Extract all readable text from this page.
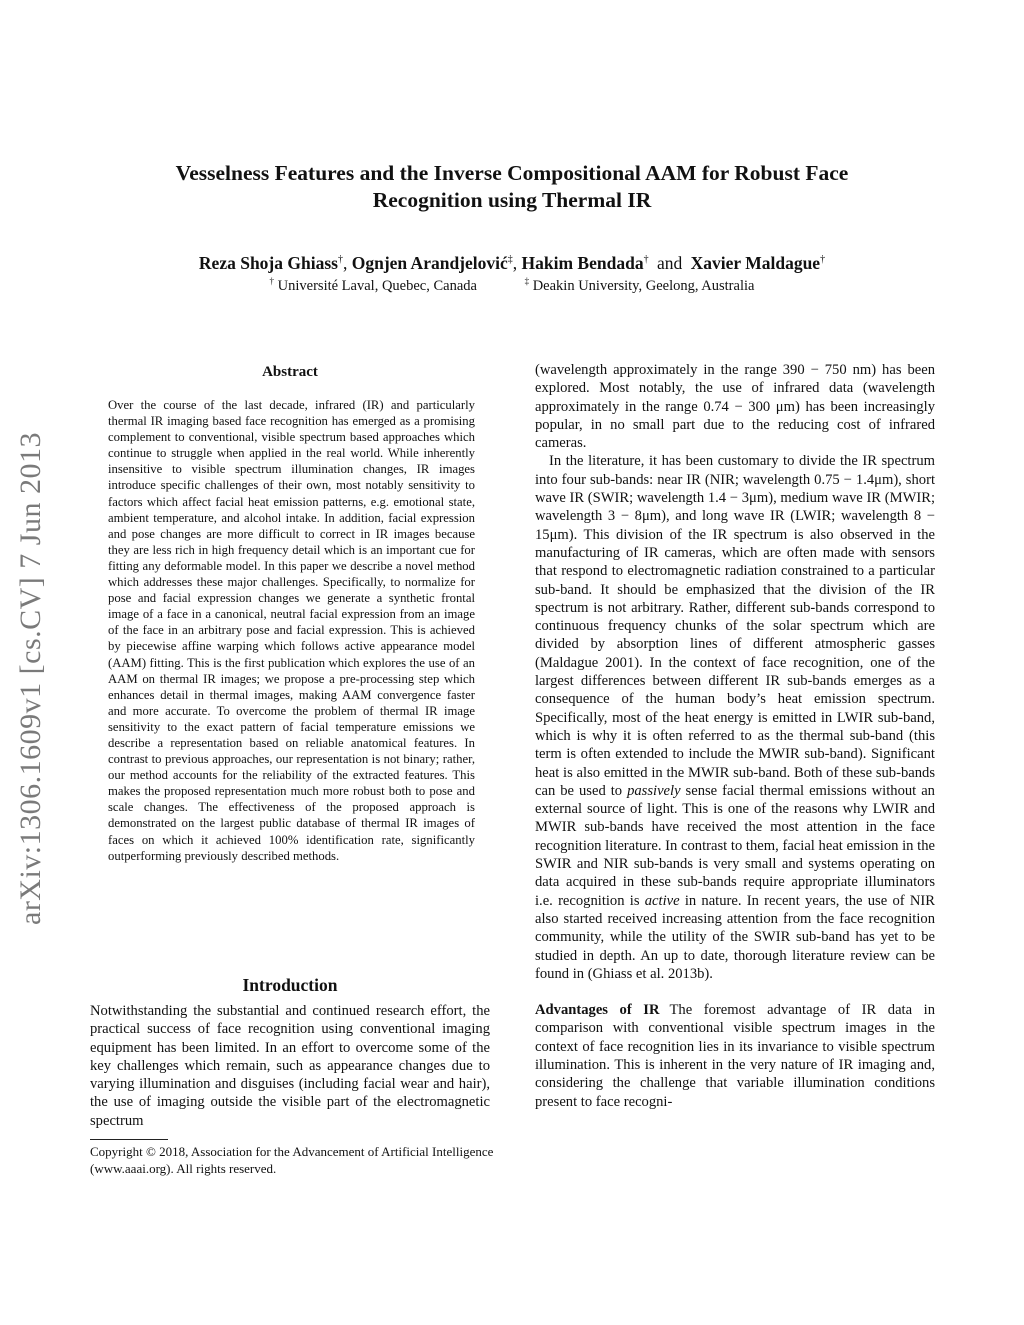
Vesselness Features and the Inverse Compositional AAM for Robust Face
Recognition using Thermal IR
Reza Shoja Ghiass†, Ognjen Arandjelović‡, Hakim Bendada† and Xavier Maldague†
† Université Laval, Quebec, Canada	‡ Deakin University, Geelong, Australia
arXiv:1306.1609v1 [cs.CV] 7 Jun 2013
Abstract
Over the course of the last decade, infrared (IR) and particularly thermal IR imaging based face recognition has emerged as a promising complement to conventional, visible spectrum based approaches which continue to struggle when applied in the real world. While inherently insensitive to visible spectrum illumination changes, IR images introduce specific challenges of their own, most notably sensitivity to factors which affect facial heat emission patterns, e.g. emotional state, ambient temperature, and alcohol intake. In addition, facial expression and pose changes are more difficult to correct in IR images because they are less rich in high frequency detail which is an important cue for fitting any deformable model. In this paper we describe a novel method which addresses these major challenges. Specifically, to normalize for pose and facial expression changes we generate a synthetic frontal image of a face in a canonical, neutral facial expression from an image of the face in an arbitrary pose and facial expression. This is achieved by piecewise affine warping which follows active appearance model (AAM) fitting. This is the first publication which explores the use of an AAM on thermal IR images; we propose a pre-processing step which enhances detail in thermal images, making AAM convergence faster and more accurate. To overcome the problem of thermal IR image sensitivity to the exact pattern of facial temperature emissions we describe a representation based on reliable anatomical features. In contrast to previous approaches, our representation is not binary; rather, our method accounts for the reliability of the extracted features. This makes the proposed representation much more robust both to pose and scale changes. The effectiveness of the proposed approach is demonstrated on the largest public database of thermal IR images of faces on which it achieved 100% identification rate, significantly outperforming previously described methods.
Introduction
Notwithstanding the substantial and continued research effort, the practical success of face recognition using conventional imaging equipment has been limited. In an effort to overcome some of the key challenges which remain, such as appearance changes due to varying illumination and disguises (including facial wear and hair), the use of imaging outside the visible part of the electromagnetic spectrum
Copyright © 2018, Association for the Advancement of Artificial Intelligence (www.aaai.org). All rights reserved.

(wavelength approximately in the range 390 − 750 nm) has been explored. Most notably, the use of infrared data (wavelength approximately in the range 0.74 − 300 μm) has been increasingly popular, in no small part due to the reducing cost of infrared cameras.

In the literature, it has been customary to divide the IR spectrum into four sub-bands: near IR (NIR; wavelength 0.75 − 1.4μm), short wave IR (SWIR; wavelength 1.4 − 3μm), medium wave IR (MWIR; wavelength 3 − 8μm), and long wave IR (LWIR; wavelength 8 − 15μm). This division of the IR spectrum is also observed in the manufacturing of IR cameras, which are often made with sensors that respond to electromagnetic radiation constrained to a particular sub-band. It should be emphasized that the division of the IR spectrum is not arbitrary. Rather, different sub-bands correspond to continuous frequency chunks of the solar spectrum which are divided by absorption lines of different atmospheric gasses (Maldague 2001). In the context of face recognition, one of the largest differences between different IR sub-bands emerges as a consequence of the human body’s heat emission spectrum. Specifically, most of the heat energy is emitted in LWIR sub-band, which is why it is often referred to as the thermal sub-band (this term is often extended to include the MWIR sub-band). Significant heat is also emitted in the MWIR sub-band. Both of these sub-bands can be used to passively sense facial thermal emissions without an external source of light. This is one of the reasons why LWIR and MWIR sub-bands have received the most attention in the face recognition literature. In contrast to them, facial heat emission in the SWIR and NIR sub-bands is very small and systems operating on data acquired in these sub-bands require appropriate illuminators i.e. recognition is active in nature. In recent years, the use of NIR also started received increasing attention from the face recognition community, while the utility of the SWIR sub-band has yet to be studied in depth. An up to date, thorough literature review can be found in (Ghiass et al. 2013b).

Advantages of IR The foremost advantage of IR data in comparison with conventional visible spectrum images in the context of face recognition lies in its invariance to visible spectrum illumination. This is inherent in the very nature of IR imaging and, considering the challenge that variable illumination conditions present to face recogni-
